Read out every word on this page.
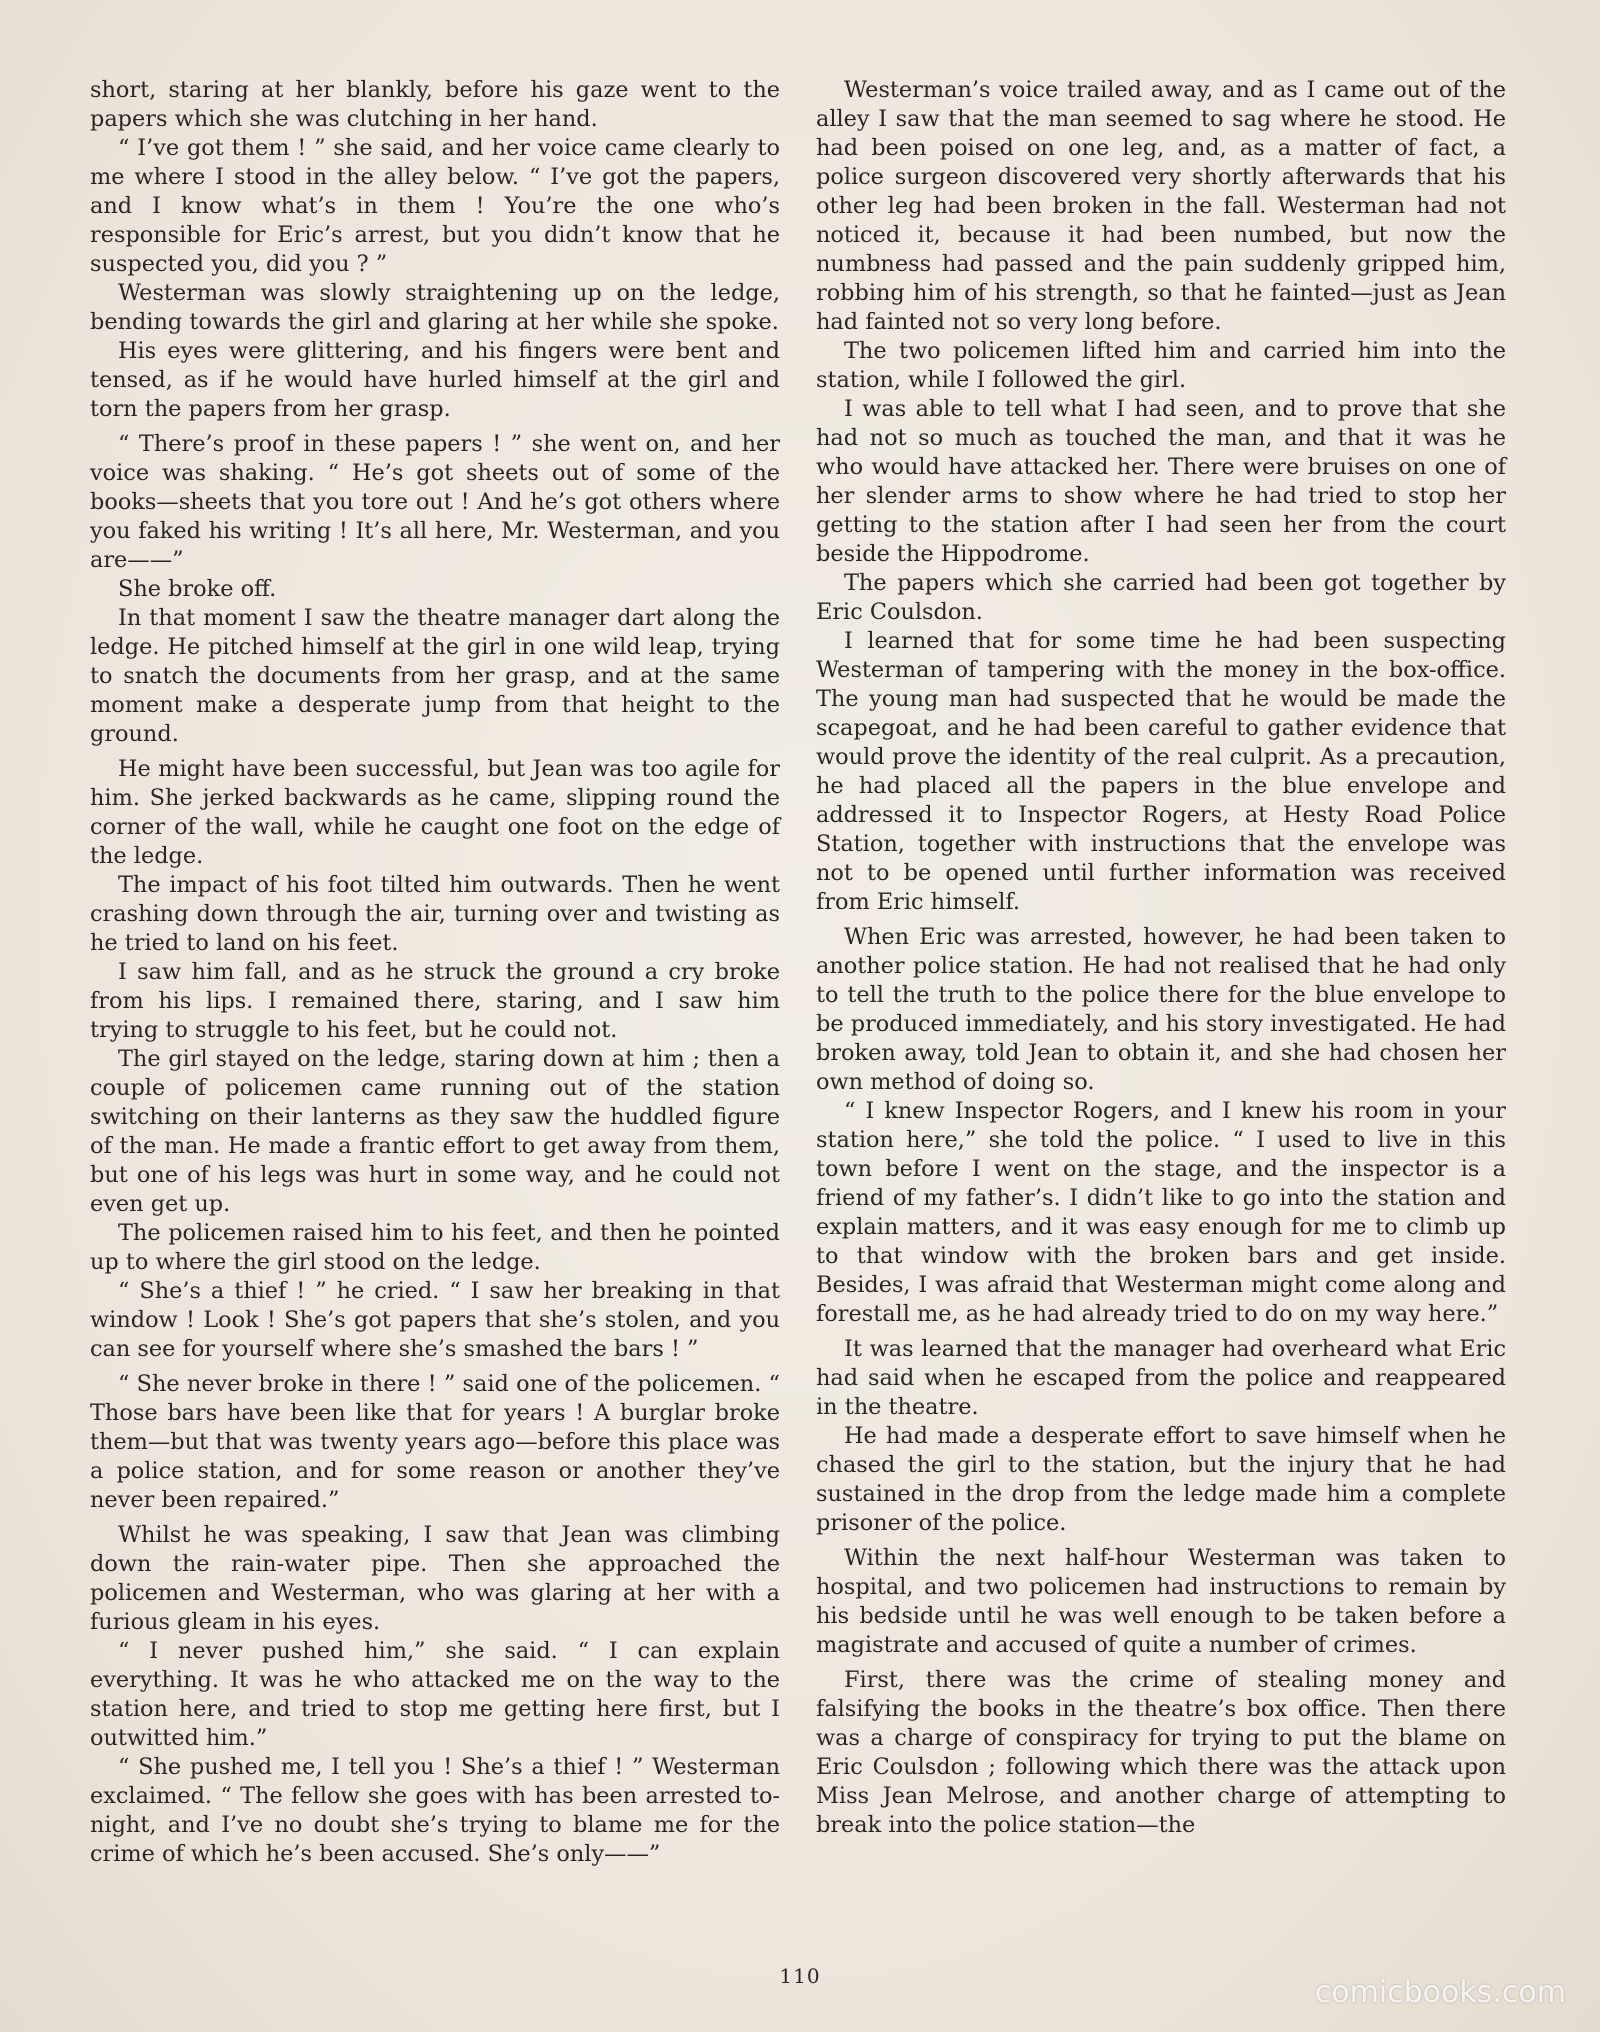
short, staring at her blankly, before his gaze went to the papers which she was clutching in her hand.

“ I’ve got them ! ” she said, and her voice came clearly to me where I stood in the alley below. “ I’ve got the papers, and I know what’s in them ! You’re the one who’s responsible for Eric’s arrest, but you didn’t know that he suspected you, did you ? ”

Westerman was slowly straightening up on the ledge, bending towards the girl and glaring at her while she spoke.

His eyes were glittering, and his fingers were bent and tensed, as if he would have hurled himself at the girl and torn the papers from her grasp.

“ There’s proof in these papers ! ” she went on, and her voice was shaking. “ He’s got sheets out of some of the books—sheets that you tore out ! And he’s got others where you faked his writing ! It’s all here, Mr. Westerman, and you are——”

She broke off.

In that moment I saw the theatre manager dart along the ledge. He pitched himself at the girl in one wild leap, trying to snatch the documents from her grasp, and at the same moment make a desperate jump from that height to the ground.

He might have been successful, but Jean was too agile for him. She jerked backwards as he came, slipping round the corner of the wall, while he caught one foot on the edge of the ledge.

The impact of his foot tilted him outwards. Then he went crashing down through the air, turning over and twisting as he tried to land on his feet.

I saw him fall, and as he struck the ground a cry broke from his lips. I remained there, staring, and I saw him trying to struggle to his feet, but he could not.

The girl stayed on the ledge, staring down at him ; then a couple of policemen came running out of the station switching on their lanterns as they saw the huddled figure of the man. He made a frantic effort to get away from them, but one of his legs was hurt in some way, and he could not even get up.

The policemen raised him to his feet, and then he pointed up to where the girl stood on the ledge.

“ She’s a thief ! ” he cried. “ I saw her breaking in that window ! Look ! She’s got papers that she’s stolen, and you can see for yourself where she’s smashed the bars ! ”

“ She never broke in there ! ” said one of the policemen. “ Those bars have been like that for years ! A burglar broke them—but that was twenty years ago—before this place was a police station, and for some reason or another they’ve never been repaired.”

Whilst he was speaking, I saw that Jean was climbing down the rain-water pipe. Then she approached the policemen and Westerman, who was glaring at her with a furious gleam in his eyes.

“ I never pushed him,” she said. “ I can explain everything. It was he who attacked me on the way to the station here, and tried to stop me getting here first, but I outwitted him.”

“ She pushed me, I tell you ! She’s a thief ! ” Westerman exclaimed. “ The fellow she goes with has been arrested to-night, and I’ve no doubt she’s trying to blame me for the crime of which he’s been accused. She’s only——”

Westerman’s voice trailed away, and as I came out of the alley I saw that the man seemed to sag where he stood. He had been poised on one leg, and, as a matter of fact, a police surgeon discovered very shortly afterwards that his other leg had been broken in the fall. Westerman had not noticed it, because it had been numbed, but now the numbness had passed and the pain suddenly gripped him, robbing him of his strength, so that he fainted—just as Jean had fainted not so very long before.

The two policemen lifted him and carried him into the station, while I followed the girl.

I was able to tell what I had seen, and to prove that she had not so much as touched the man, and that it was he who would have attacked her. There were bruises on one of her slender arms to show where he had tried to stop her getting to the station after I had seen her from the court beside the Hippodrome.

The papers which she carried had been got together by Eric Coulsdon.

I learned that for some time he had been suspecting Westerman of tampering with the money in the box-office. The young man had suspected that he would be made the scapegoat, and he had been careful to gather evidence that would prove the identity of the real culprit. As a precaution, he had placed all the papers in the blue envelope and addressed it to Inspector Rogers, at Hesty Road Police Station, together with instructions that the envelope was not to be opened until further information was received from Eric himself.

When Eric was arrested, however, he had been taken to another police station. He had not realised that he had only to tell the truth to the police there for the blue envelope to be produced immediately, and his story investigated. He had broken away, told Jean to obtain it, and she had chosen her own method of doing so.

“ I knew Inspector Rogers, and I knew his room in your station here,” she told the police. “ I used to live in this town before I went on the stage, and the inspector is a friend of my father’s. I didn’t like to go into the station and explain matters, and it was easy enough for me to climb up to that window with the broken bars and get inside. Besides, I was afraid that Westerman might come along and forestall me, as he had already tried to do on my way here.”

It was learned that the manager had overheard what Eric had said when he escaped from the police and reappeared in the theatre.

He had made a desperate effort to save himself when he chased the girl to the station, but the injury that he had sustained in the drop from the ledge made him a complete prisoner of the police.

Within the next half-hour Westerman was taken to hospital, and two policemen had instructions to remain by his bedside until he was well enough to be taken before a magistrate and accused of quite a number of crimes.

First, there was the crime of stealing money and falsifying the books in the theatre’s box office. Then there was a charge of conspiracy for trying to put the blame on Eric Coulsdon ; following which there was the attack upon Miss Jean Melrose, and another charge of attempting to break into the police station—the

110	comicbooks.com
